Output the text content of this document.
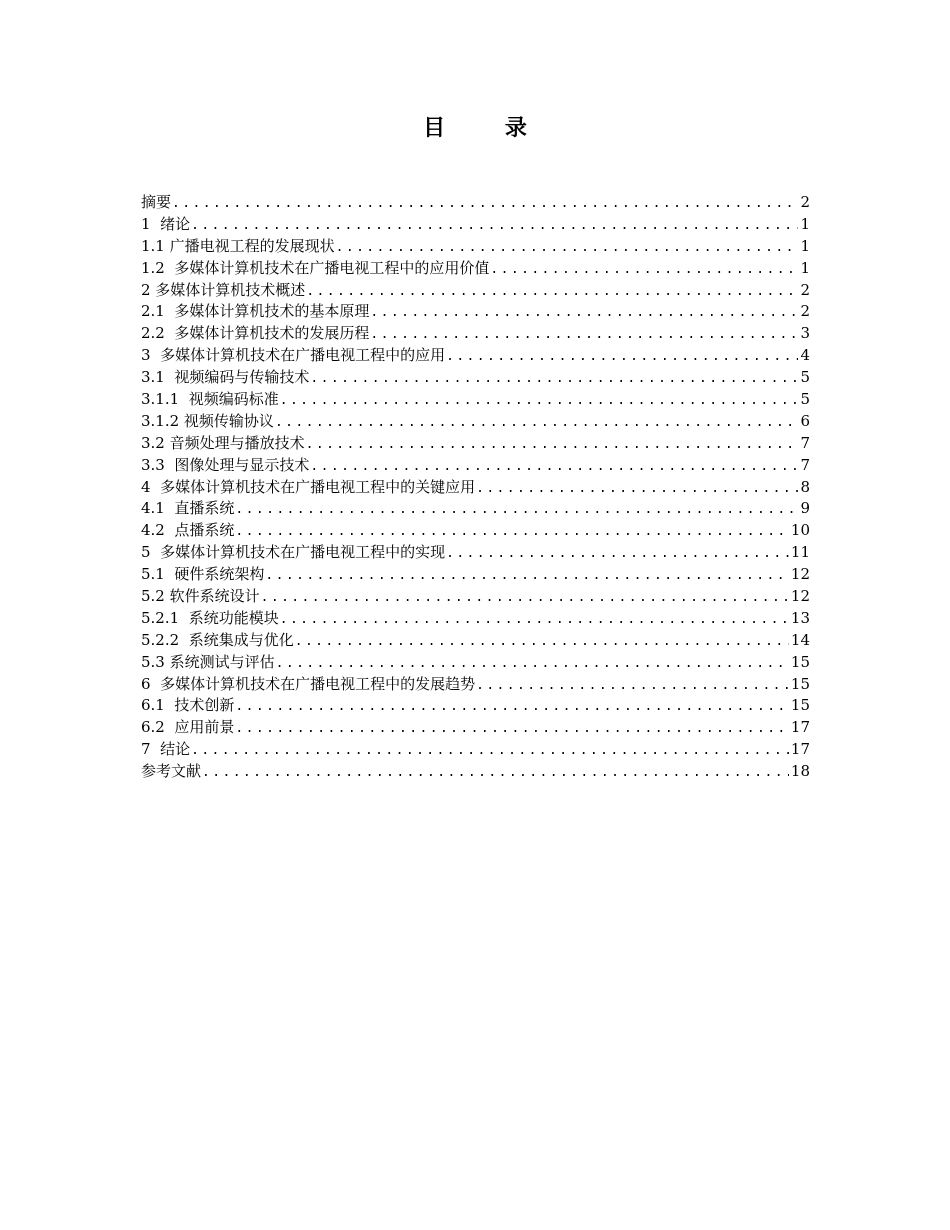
目 录
摘要 .....	2
1  绪论 .....	1
1.1 广播电视工程的发展现状 .....	1
1.2  多媒体计算机技术在广播电视工程中的应用价值 .....	1
2 多媒体计算机技术概述 .....	2
2.1  多媒体计算机技术的基本原理 .....	2
2.2  多媒体计算机技术的发展历程 .....	3
3  多媒体计算机技术在广播电视工程中的应用 .....	4
3.1  视频编码与传输技术 .....	5
3.1.1  视频编码标准 .....	5
3.1.2 视频传输协议 .....	6
3.2 音频处理与播放技术 .....	7
3.3  图像处理与显示技术 .....	7
4  多媒体计算机技术在广播电视工程中的关键应用 .....	8
4.1  直播系统 .....	9
4.2  点播系统 .....	10
5  多媒体计算机技术在广播电视工程中的实现 .....	11
5.1  硬件系统架构 .....	12
5.2 软件系统设计 .....	12
5.2.1  系统功能模块 .....	13
5.2.2  系统集成与优化 .....	14
5.3 系统测试与评估 .....	15
6  多媒体计算机技术在广播电视工程中的发展趋势 .....	15
6.1  技术创新 .....	15
6.2  应用前景 .....	17
7  结论 .....	17
参考文献 .....	18
